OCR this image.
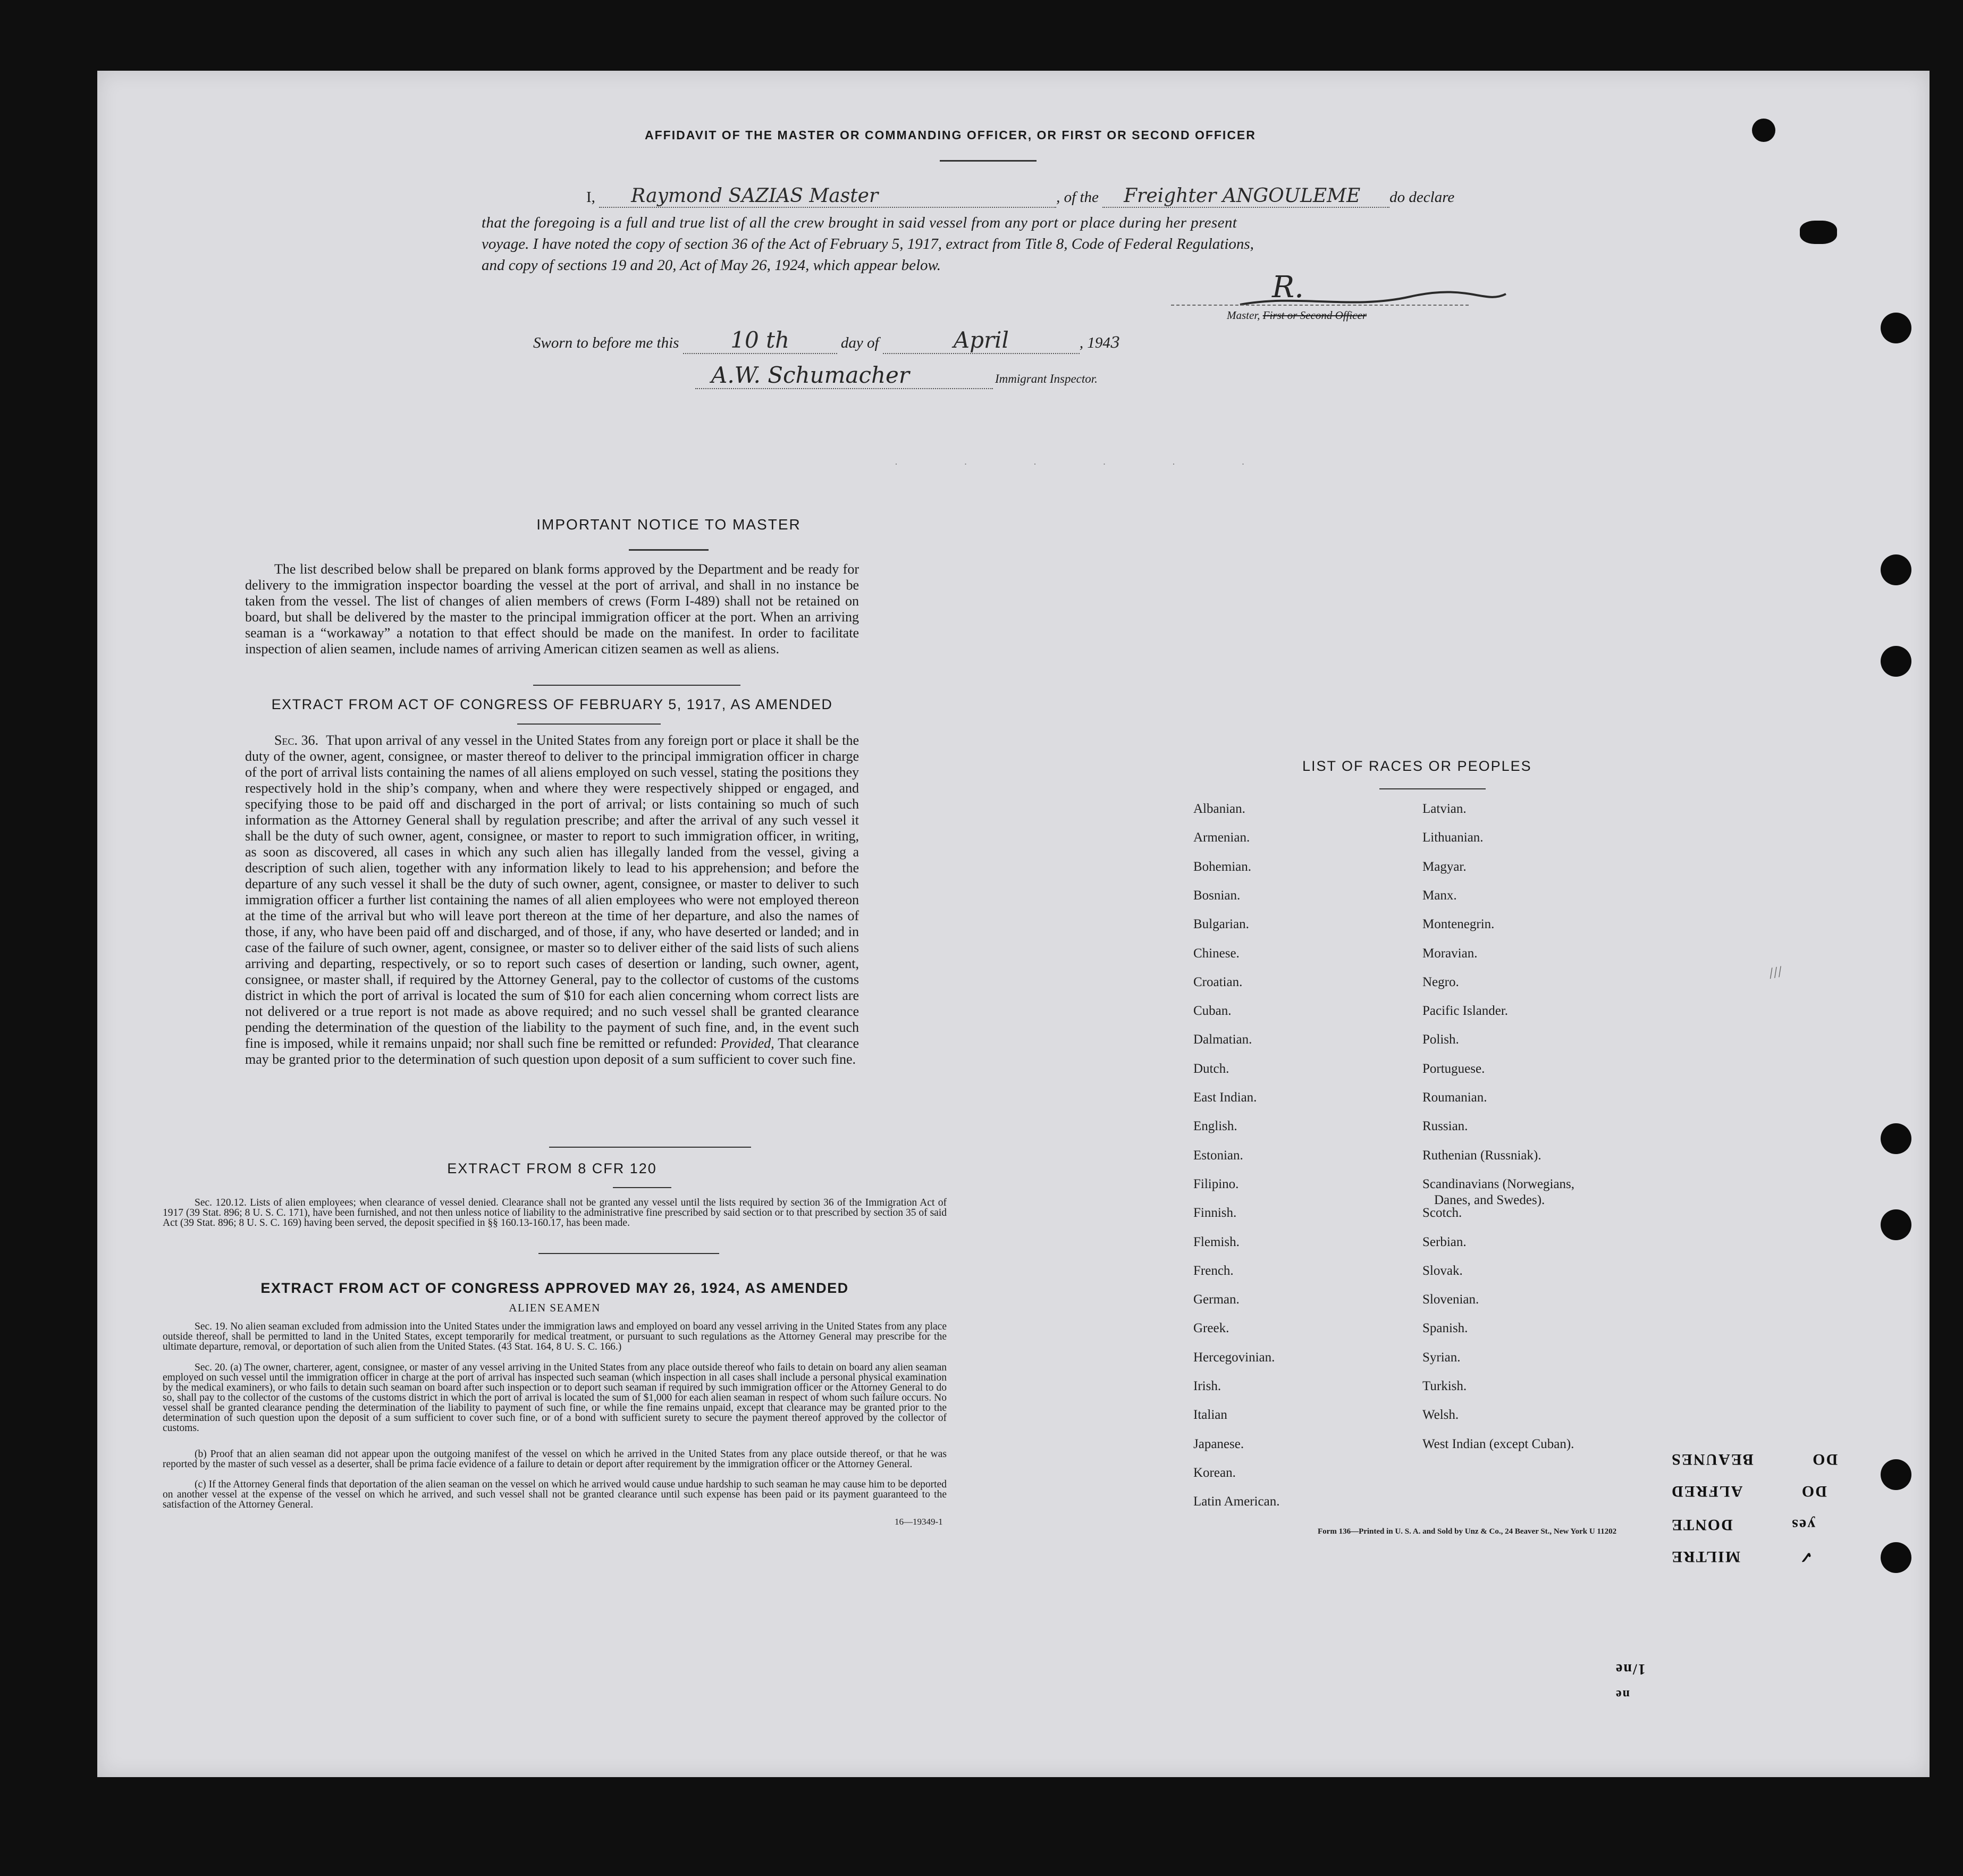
AFFIDAVIT OF THE MASTER OR COMMANDING OFFICER, OR FIRST OR SECOND OFFICER
I, Raymond SAZIAS Master	, of the Freighter ANGOULEME do declare
that the foregoing is a full and true list of all the crew brought in said vessel from any port or place during her present
voyage. I have noted the copy of section 36 of the Act of February 5, 1917, extract from Title 8, Code of Federal Regulations,
and copy of sections 19 and 20, Act of May 26, 1924, which appear below.
R.
Master, First or Second Officer
Sworn to before me this 10 th	day of	April	, 1943
A.W. Schumacher	Immigrant Inspector.
· · · · · ·
IMPORTANT NOTICE TO MASTER
The list described below shall be prepared on blank forms approved by the Department and be ready for delivery to the immigration inspector boarding the vessel at the port of arrival, and shall in no instance be taken from the vessel. The list of changes of alien members of crews (Form I-489) shall not be retained on board, but shall be delivered by the master to the principal immigration officer at the port. When an arriving seaman is a “workaway” a notation to that effect should be made on the manifest. In order to facilitate inspection of alien seamen, include names of arriving American citizen seamen as well as aliens.
EXTRACT FROM ACT OF CONGRESS OF FEBRUARY 5, 1917, AS AMENDED
Sec. 36. That upon arrival of any vessel in the United States from any foreign port or place it shall be the duty of the owner, agent, consignee, or master thereof to deliver to the principal immigration officer in charge of the port of arrival lists containing the names of all aliens employed on such vessel, stating the positions they respectively hold in the ship’s company, when and where they were respectively shipped or engaged, and specifying those to be paid off and discharged in the port of arrival; or lists containing so much of such information as the Attorney General shall by regulation prescribe; and after the arrival of any such vessel it shall be the duty of such owner, agent, consignee, or master to report to such immigration officer, in writing, as soon as discovered, all cases in which any such alien has illegally landed from the vessel, giving a description of such alien, together with any information likely to lead to his apprehension; and before the departure of any such vessel it shall be the duty of such owner, agent, consignee, or master to deliver to such immigration officer a further list containing the names of all alien employees who were not employed thereon at the time of the arrival but who will leave port thereon at the time of her departure, and also the names of those, if any, who have been paid off and discharged, and of those, if any, who have deserted or landed; and in case of the failure of such owner, agent, consignee, or master so to deliver either of the said lists of such aliens arriving and departing, respectively, or so to report such cases of desertion or landing, such owner, agent, consignee, or master shall, if required by the Attorney General, pay to the collector of customs of the customs district in which the port of arrival is located the sum of $10 for each alien concerning whom correct lists are not delivered or a true report is not made as above required; and no such vessel shall be granted clearance pending the determination of the question of the liability to the payment of such fine, and, in the event such fine is imposed, while it remains unpaid; nor shall such fine be remitted or refunded: Provided, That clearance may be granted prior to the determination of such question upon deposit of a sum sufficient to cover such fine.
EXTRACT FROM 8 CFR 120
Sec. 120.12. Lists of alien employees; when clearance of vessel denied. Clearance shall not be granted any vessel until the lists required by section 36 of the Immigration Act of 1917 (39 Stat. 896; 8 U. S. C. 171), have been furnished, and not then unless notice of liability to the administrative fine prescribed by said section or to that prescribed by section 35 of said Act (39 Stat. 896; 8 U. S. C. 169) having been served, the deposit specified in §§ 160.13-160.17, has been made.
EXTRACT FROM ACT OF CONGRESS APPROVED MAY 26, 1924, AS AMENDED
ALIEN SEAMEN
Sec. 19. No alien seaman excluded from admission into the United States under the immigration laws and employed on board any vessel arriving in the United States from any place outside thereof, shall be permitted to land in the United States, except temporarily for medical treatment, or pursuant to such regulations as the Attorney General may prescribe for the ultimate departure, removal, or deportation of such alien from the United States. (43 Stat. 164, 8 U. S. C. 166.)
Sec. 20. (a) The owner, charterer, agent, consignee, or master of any vessel arriving in the United States from any place outside thereof who fails to detain on board any alien seaman employed on such vessel until the immigration officer in charge at the port of arrival has inspected such seaman (which inspection in all cases shall include a personal physical examination by the medical examiners), or who fails to detain such seaman on board after such inspection or to deport such seaman if required by such immigration officer or the Attorney General to do so, shall pay to the collector of the customs of the customs district in which the port of arrival is located the sum of $1,000 for each alien seaman in respect of whom such failure occurs. No vessel shall be granted clearance pending the determination of the liability to payment of such fine, or while the fine remains unpaid, except that clearance may be granted prior to the determination of such question upon the deposit of a sum sufficient to cover such fine, or of a bond with sufficient surety to secure the payment thereof approved by the collector of customs.
(b) Proof that an alien seaman did not appear upon the outgoing manifest of the vessel on which he arrived in the United States from any place outside thereof, or that he was reported by the master of such vessel as a deserter, shall be prima facie evidence of a failure to detain or deport after requirement by the immigration officer or the Attorney General.
(c) If the Attorney General finds that deportation of the alien seaman on the vessel on which he arrived would cause undue hardship to such seaman he may cause him to be deported on another vessel at the expense of the vessel on which he arrived, and such vessel shall not be granted clearance until such expense has been paid or its payment guaranteed to the satisfaction of the Attorney General.
16—19349-1
LIST OF RACES OR PEOPLES
Form 136—Printed in U. S. A. and Sold by Unz & Co., 24 Beaver St., New York U 11202
///
DO BEAUNES
DO ALFRED
yes DONTE
✓ MILTRE
1/ne
ne
Albanian.
Armenian.
Bohemian.
Bosnian.
Bulgarian.
Chinese.
Croatian.
Cuban.
Dalmatian.
Dutch.
East Indian.
English.
Estonian.
Filipino.
Finnish.
Flemish.
French.
German.
Greek.
Hercegovinian.
Irish.
Italian
Japanese.
Korean.
Latin American.
Latvian.
Lithuanian.
Magyar.
Manx.
Montenegrin.
Moravian.
Negro.
Pacific Islander.
Polish.
Portuguese.
Roumanian.
Russian.
Ruthenian (Russniak).
Scandinavians (Norwegians,
Danes, and Swedes).
Scotch.
Serbian.
Slovak.
Slovenian.
Spanish.
Syrian.
Turkish.
Welsh.
West Indian (except Cuban).
